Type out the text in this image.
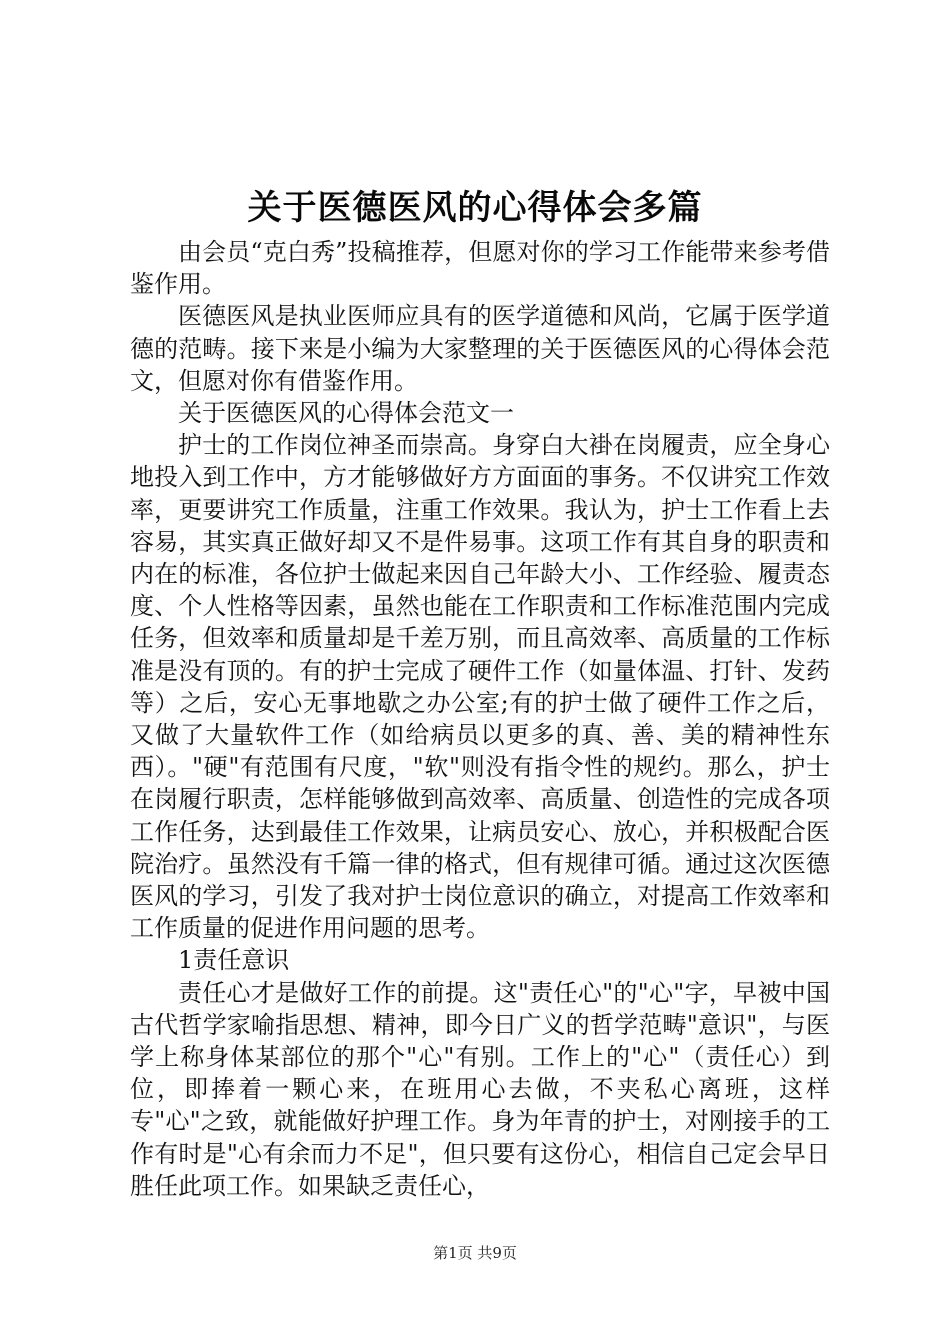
关于医德医风的心得体会多篇

由会员“克白秀”投稿推荐，但愿对你的学习工作能带来参考借鉴作用。

医德医风是执业医师应具有的医学道德和风尚，它属于医学道德的范畴。接下来是小编为大家整理的关于医德医风的心得体会范文，但愿对你有借鉴作用。

关于医德医风的心得体会范文一

护士的工作岗位神圣而崇高。身穿白大褂在岗履责，应全身心地投入到工作中，方才能够做好方方面面的事务。不仅讲究工作效率，更要讲究工作质量，注重工作效果。我认为，护士工作看上去容易，其实真正做好却又不是件易事。这项工作有其自身的职责和内在的标准，各位护士做起来因自己年龄大小、工作经验、履责态度、个人性格等因素，虽然也能在工作职责和工作标准范围内完成任务，但效率和质量却是千差万别，而且高效率、高质量的工作标准是没有顶的。有的护士完成了硬件工作（如量体温、打针、发药等）之后，安心无事地歇之办公室;有的护士做了硬件工作之后，又做了大量软件工作（如给病员以更多的真、善、美的精神性东西）。"硬"有范围有尺度，"软"则没有指令性的规约。那么，护士在岗履行职责，怎样能够做到高效率、高质量、创造性的完成各项工作任务，达到最佳工作效果，让病员安心、放心，并积极配合医院治疗。虽然没有千篇一律的格式，但有规律可循。通过这次医德医风的学习，引发了我对护士岗位意识的确立，对提高工作效率和工作质量的促进作用问题的思考。

1责任意识

责任心才是做好工作的前提。这"责任心"的"心"字，早被中国古代哲学家喻指思想、精神，即今日广义的哲学范畴"意识"，与医学上称身体某部位的那个"心"有别。工作上的"心"（责任心）到位，即捧着一颗心来，在班用心去做，不夹私心离班，这样专"心"之致，就能做好护理工作。身为年青的护士，对刚接手的工作有时是"心有余而力不足"，但只要有这份心，相信自己定会早日胜任此项工作。如果缺乏责任心，

第1页 共9页
